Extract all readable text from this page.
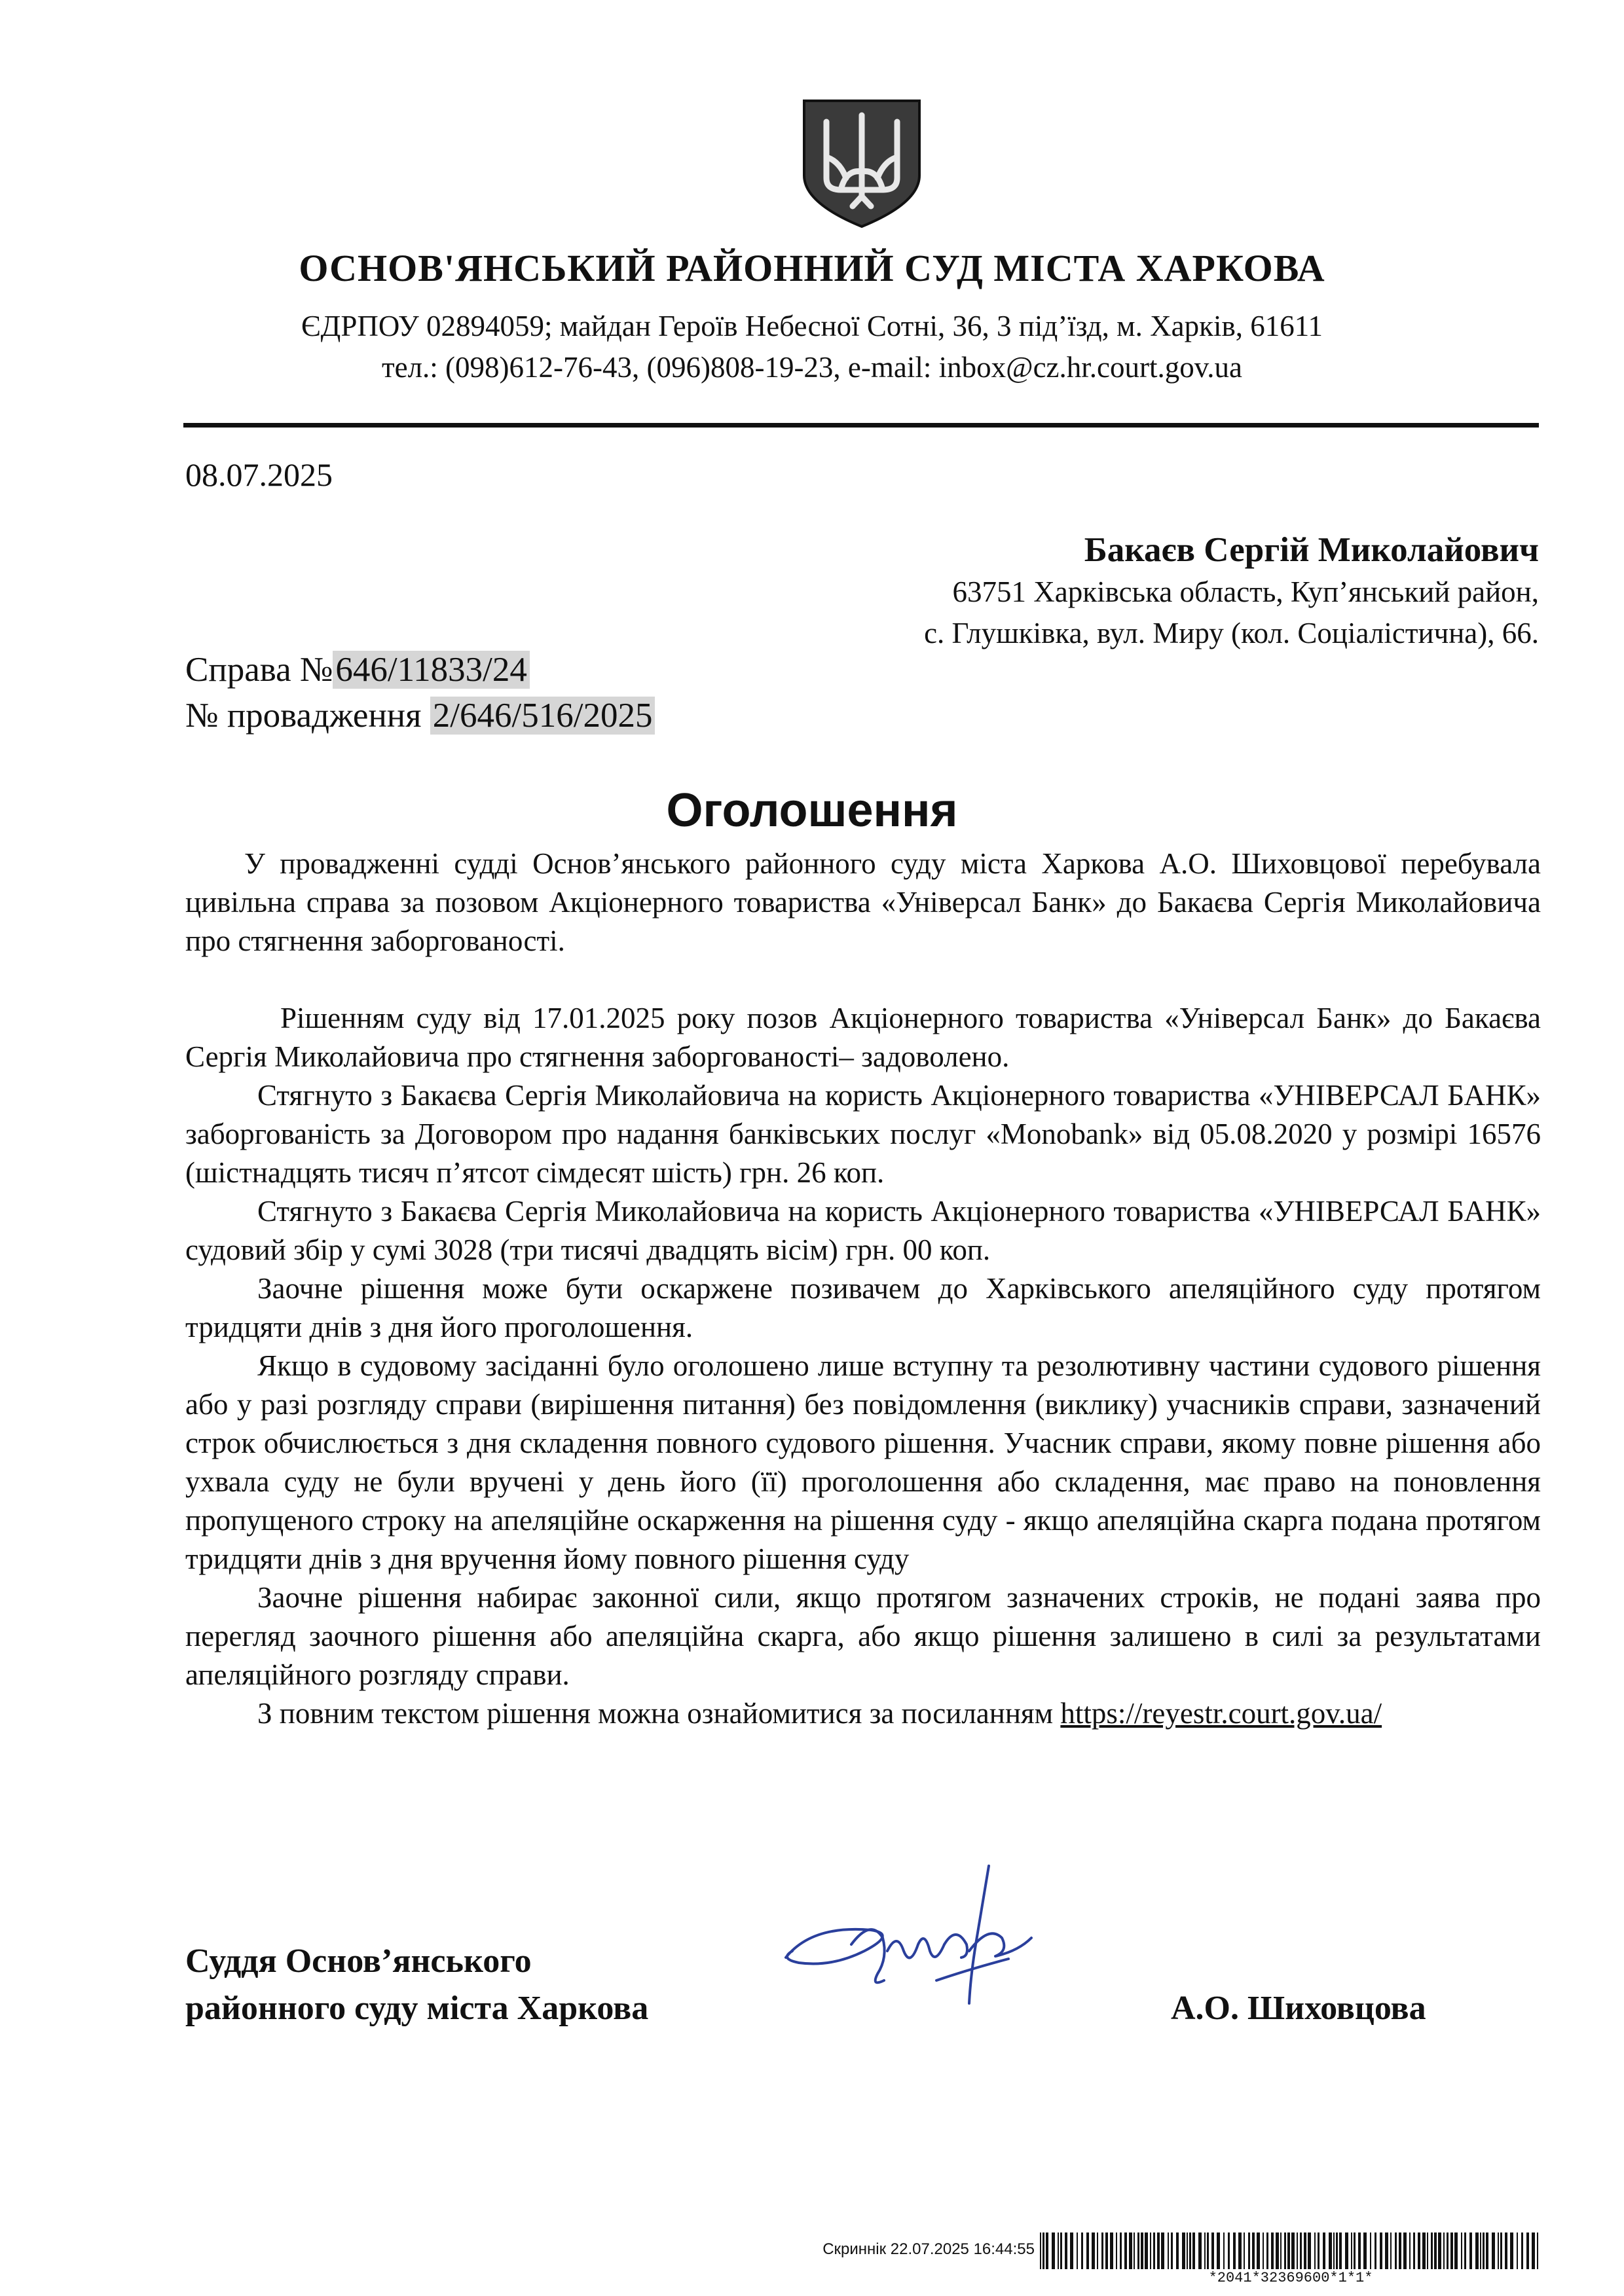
ОСНОВ'ЯНСЬКИЙ РАЙОННИЙ СУД МІСТА ХАРКОВА
ЄДРПОУ 02894059; майдан Героїв Небесної Сотні, 36, 3 під’їзд, м. Харків, 61611
тел.: (098)612-76-43, (096)808-19-23, e-mail: inbox@cz.hr.court.gov.ua
08.07.2025
Бакаєв Сергій Миколайович
63751 Харківська область, Куп’янський район,
с. Глушківка, вул. Миру (кол. Соціалістична), 66.
Справа №646/11833/24
№ провадження 2/646/516/2025
Оголошення

У провадженні судді Основ’янського районного суду міста Харкова А.О. Шиховцової перебувала цивільна справа за позовом Акціонерного товариства «Універсал Банк» до Бакаєва Сергія Миколайовича про стягнення заборгованості.

Рішенням суду від 17.01.2025 року позов Акціонерного товариства «Універсал Банк» до Бакаєва Сергія Миколайовича про стягнення заборгованості– задоволено.

Стягнуто з Бакаєва Сергія Миколайовича на користь Акціонерного товариства «УНІВЕРСАЛ БАНК» заборгованість за Договором про надання банківських послуг «Monobank» від 05.08.2020 у розмірі 16576 (шістнадцять тисяч п’ятсот сімдесят шість) грн. 26 коп.

Стягнуто з Бакаєва Сергія Миколайовича на користь Акціонерного товариства «УНІВЕРСАЛ БАНК» судовий збір у сумі 3028 (три тисячі двадцять вісім) грн. 00 коп.

Заочне рішення може бути оскаржене позивачем до Харківського апеляційного суду протягом тридцяти днів з дня його проголошення.

Якщо в судовому засіданні було оголошено лише вступну та резолютивну частини судового рішення або у разі розгляду справи (вирішення питання) без повідомлення (виклику) учасників справи, зазначений строк обчислюється з дня складення повного судового рішення. Учасник справи, якому повне рішення або ухвала суду не були вручені у день його (її) проголошення або складення, має право на поновлення пропущеного строку на апеляційне оскарження на рішення суду - якщо апеляційна скарга подана протягом тридцяти днів з дня вручення йому повного рішення суду

Заочне рішення набирає законної сили, якщо протягом зазначених строків, не подані заява про перегляд заочного рішення або апеляційна скарга, або якщо рішення залишено в силі за результатами апеляційного розгляду справи.

З повним текстом рішення можна ознайомитися за посиланням https://reyestr.court.gov.ua/

Суддя Основ’янського
районного суду міста Харкова	А.О. Шиховцова
Скриннік 22.07.2025 16:44:55
*2041*32369600*1*1*
